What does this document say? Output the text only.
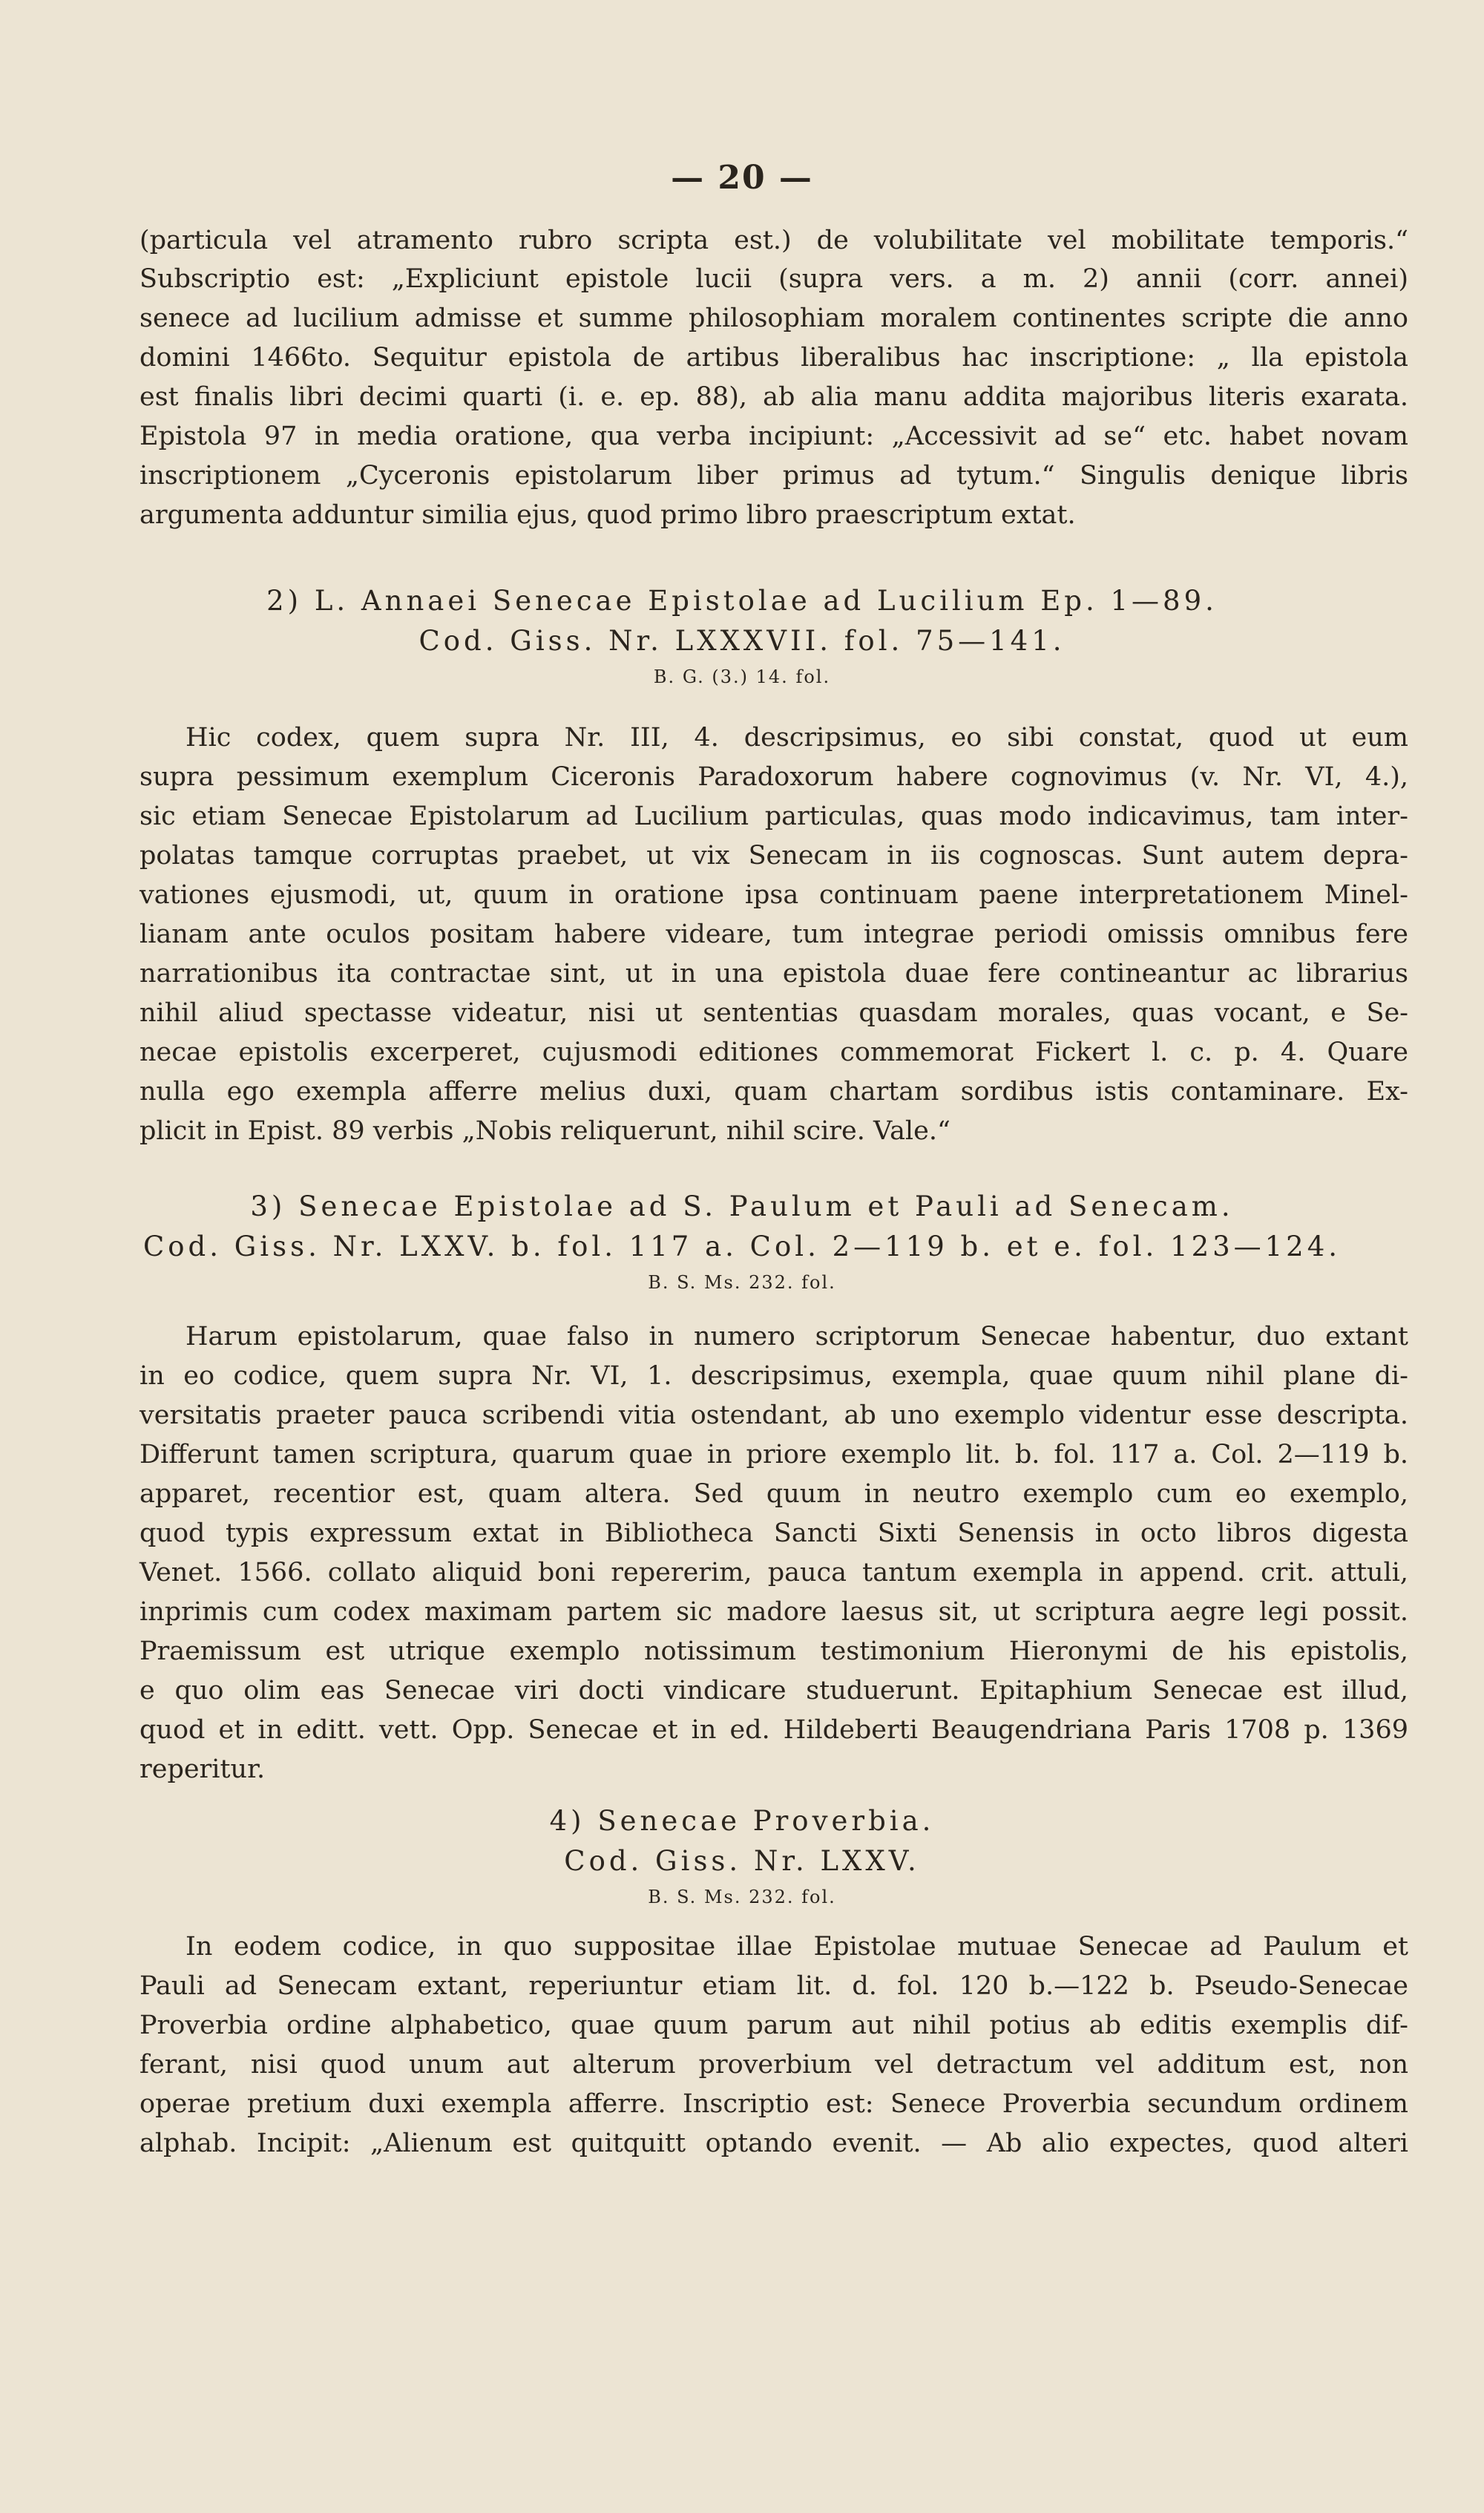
— 20 —
(particula vel atramento rubro scripta est.) de volubilitate vel mobilitate temporis.“
Subscriptio est: „Expliciunt epistole lucii (supra vers. a m. 2) annii (corr. annei)
senece ad lucilium admisse et summe philosophiam moralem continentes scripte die anno
domini 1466to. Sequitur epistola de artibus liberalibus hac inscriptione: „ lla epistola
est finalis libri decimi quarti (i. e. ep. 88), ab alia manu addita majoribus literis exarata.
Epistola 97 in media oratione, qua verba incipiunt: „Accessivit ad se“ etc. habet novam
inscriptionem „Cyceronis epistolarum liber primus ad tytum.“ Singulis denique libris
argumenta adduntur similia ejus, quod primo libro praescriptum extat.
2) L. Annaei Senecae Epistolae ad Lucilium Ep. 1—89.
Cod. Giss. Nr. LXXXVII. fol. 75—141.
B. G. (3.) 14. fol.
Hic codex, quem supra Nr. III, 4. descripsimus, eo sibi constat, quod ut eum
supra pessimum exemplum Ciceronis Paradoxorum habere cognovimus (v. Nr. VI, 4.),
sic etiam Senecae Epistolarum ad Lucilium particulas, quas modo indicavimus, tam inter-
polatas tamque corruptas praebet, ut vix Senecam in iis cognoscas. Sunt autem depra-
vationes ejusmodi, ut, quum in oratione ipsa continuam paene interpretationem Minel-
lianam ante oculos positam habere videare, tum integrae periodi omissis omnibus fere
narrationibus ita contractae sint, ut in una epistola duae fere contineantur ac librarius
nihil aliud spectasse videatur, nisi ut sententias quasdam morales, quas vocant, e Se-
necae epistolis excerperet, cujusmodi editiones commemorat Fickert l. c. p. 4. Quare
nulla ego exempla afferre melius duxi, quam chartam sordibus istis contaminare. Ex-
plicit in Epist. 89 verbis „Nobis reliquerunt, nihil scire. Vale.“
3) Senecae Epistolae ad S. Paulum et Pauli ad Senecam.
Cod. Giss. Nr. LXXV. b. fol. 117 a. Col. 2—119 b. et e. fol. 123—124.
B. S. Ms. 232. fol.
Harum epistolarum, quae falso in numero scriptorum Senecae habentur, duo extant
in eo codice, quem supra Nr. VI, 1. descripsimus, exempla, quae quum nihil plane di-
versitatis praeter pauca scribendi vitia ostendant, ab uno exemplo videntur esse descripta.
Differunt tamen scriptura, quarum quae in priore exemplo lit. b. fol. 117 a. Col. 2—119 b.
apparet, recentior est, quam altera. Sed quum in neutro exemplo cum eo exemplo,
quod typis expressum extat in Bibliotheca Sancti Sixti Senensis in octo libros digesta
Venet. 1566. collato aliquid boni repererim, pauca tantum exempla in append. crit. attuli,
inprimis cum codex maximam partem sic madore laesus sit, ut scriptura aegre legi possit.
Praemissum est utrique exemplo notissimum testimonium Hieronymi de his epistolis,
e quo olim eas Senecae viri docti vindicare studuerunt. Epitaphium Senecae est illud,
quod et in editt. vett. Opp. Senecae et in ed. Hildeberti Beaugendriana Paris 1708 p. 1369
reperitur.
4) Senecae Proverbia.
Cod. Giss. Nr. LXXV.
B. S. Ms. 232. fol.
In eodem codice, in quo suppositae illae Epistolae mutuae Senecae ad Paulum et
Pauli ad Senecam extant, reperiuntur etiam lit. d. fol. 120 b.—122 b. Pseudo-Senecae
Proverbia ordine alphabetico, quae quum parum aut nihil potius ab editis exemplis dif-
ferant, nisi quod unum aut alterum proverbium vel detractum vel additum est, non
operae pretium duxi exempla afferre. Inscriptio est: Senece Proverbia secundum ordinem
alphab. Incipit: „Alienum est quitquitt optando evenit. — Ab alio expectes, quod alteri
